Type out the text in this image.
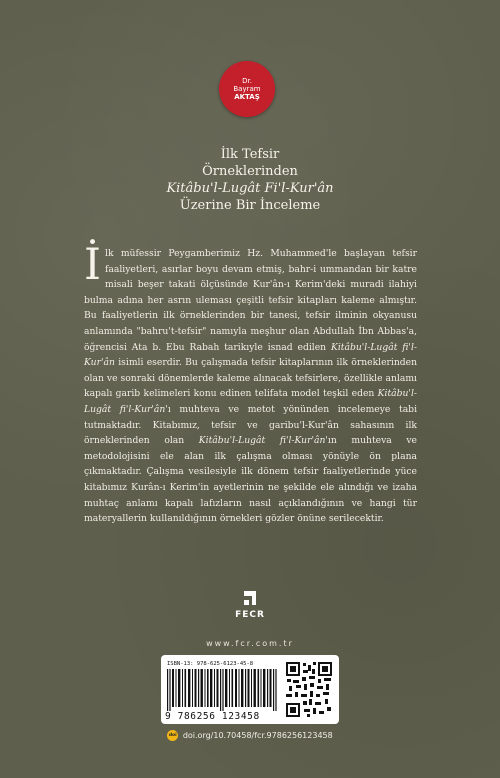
Dr.
Bayram
AKTAŞ
İlk Tefsir
Örneklerinden
Kitâbu'l-Lugât Fi'l-Kur'ân
Üzerine Bir İnceleme

İlk müfessir Peygamberimiz Hz. Muhammed'le başlayan tefsir faaliyetleri, asırlar boyu devam etmiş, bahr-i ummandan bir katre misali beşer takati ölçüsünde Kur'ân-ı Kerim'deki muradi ilahiyi bulma adına her asrın uleması çeşitli tefsir kitapları kaleme almıştır. Bu faaliyetlerin ilk örneklerinden bir tanesi, tefsir ilminin okyanusu anlamında "bahru't-tefsir" namıyla meşhur olan Abdullah İbn Abbas'a, öğrencisi Ata b. Ebu Rabah tarikıyle isnad edilen Kitâbu'l-Lugât fi'l-Kur'ân isimli eserdir. Bu çalışmada tefsir kitaplarının ilk örneklerinden olan ve sonraki dönemlerde kaleme alınacak tefsirlere, özellikle anlamı kapalı garib kelimeleri konu edinen telifata model teşkil eden Kitâbu'l-Lugât fi'l-Kur'ân'ı muhteva ve metot yönünden incelemeye tabi tutmaktadır. Kitabımız, tefsir ve garibu'l-Kur'ân sahasının ilk örneklerinden olan Kitâbu'l-Lugât fi'l-Kur'ân'ın muhteva ve metodolojisini ele alan ilk çalışma olması yönüyle ön plana çıkmaktadır. Çalışma vesilesiyle ilk dönem tefsir faaliyetlerinde yüce kitabımız Kurân-ı Kerim'in ayetlerinin ne şekilde ele alındığı ve izaha muhtaç anlamı kapalı lafızların nasıl açıklandığının ve hangi tür materyallerin kullanıldığının örnekleri gözler önüne serilecektir.

FECR
www.fcr.com.tr
ISBN-13: 978-625-6123-45-8
9 786256 123458
doi doi.org/10.70458/fcr.9786256123458
